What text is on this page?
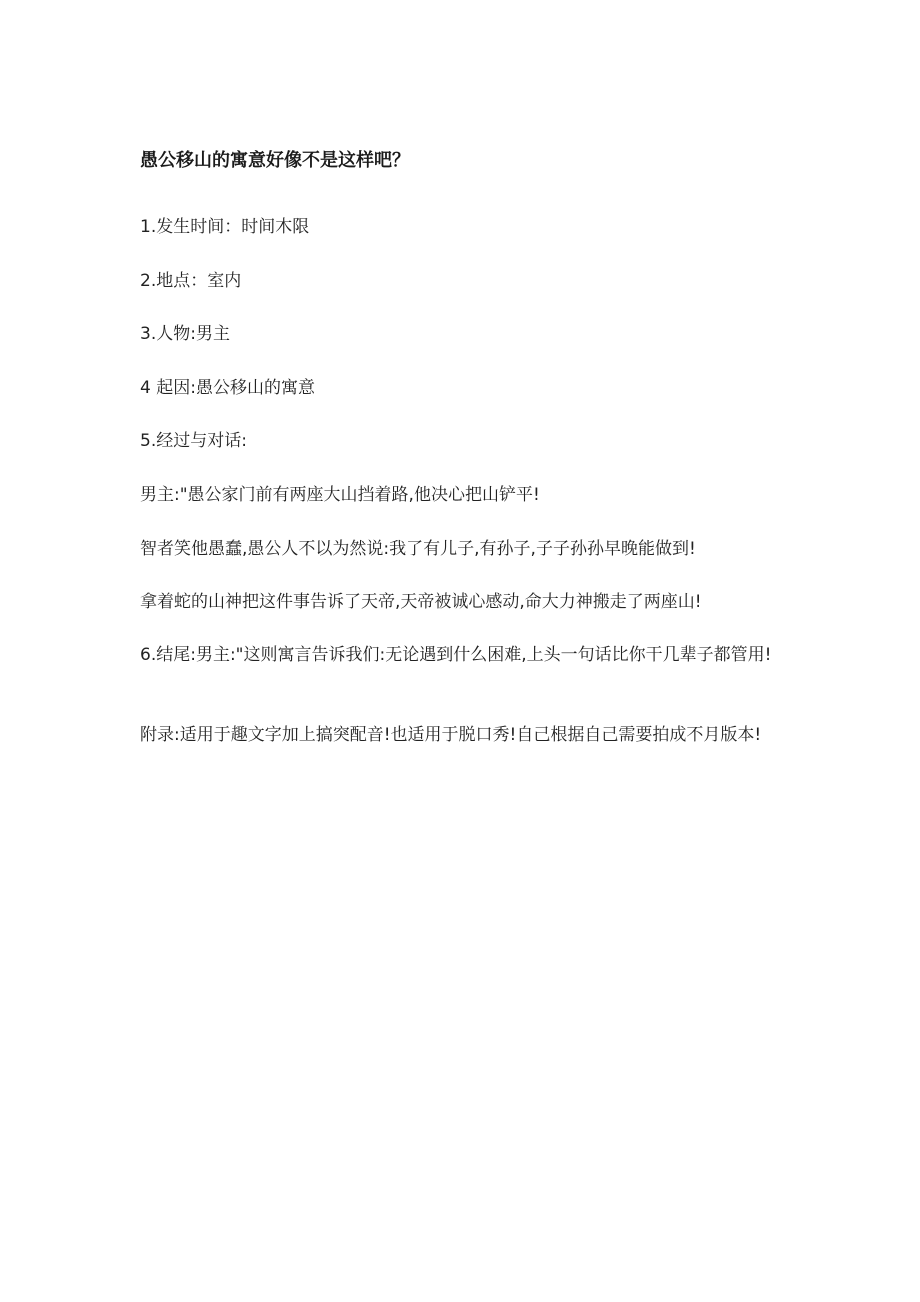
愚公移山的寓意好像不是这样吧？
1.发生时间：时间木限
2.地点：室内
3.人物:男主
4 起因:愚公移山的寓意
5.经过与对话:
男主:"愚公家门前有两座大山挡着路,他决心把山铲平!
智者笑他愚蠢,愚公人不以为然说:我了有儿子,有孙子,子子孙孙早晚能做到!
拿着蛇的山神把这件事告诉了天帝,天帝被诚心感动,命大力神搬走了两座山!
6.结尾:男主:"这则寓言告诉我们:无论遇到什么困难,上头一句话比你干几辈子都管用!
附录:适用于趣文字加上搞突配音!也适用于脱口秀!自己根据自己需要拍成不月版本!
